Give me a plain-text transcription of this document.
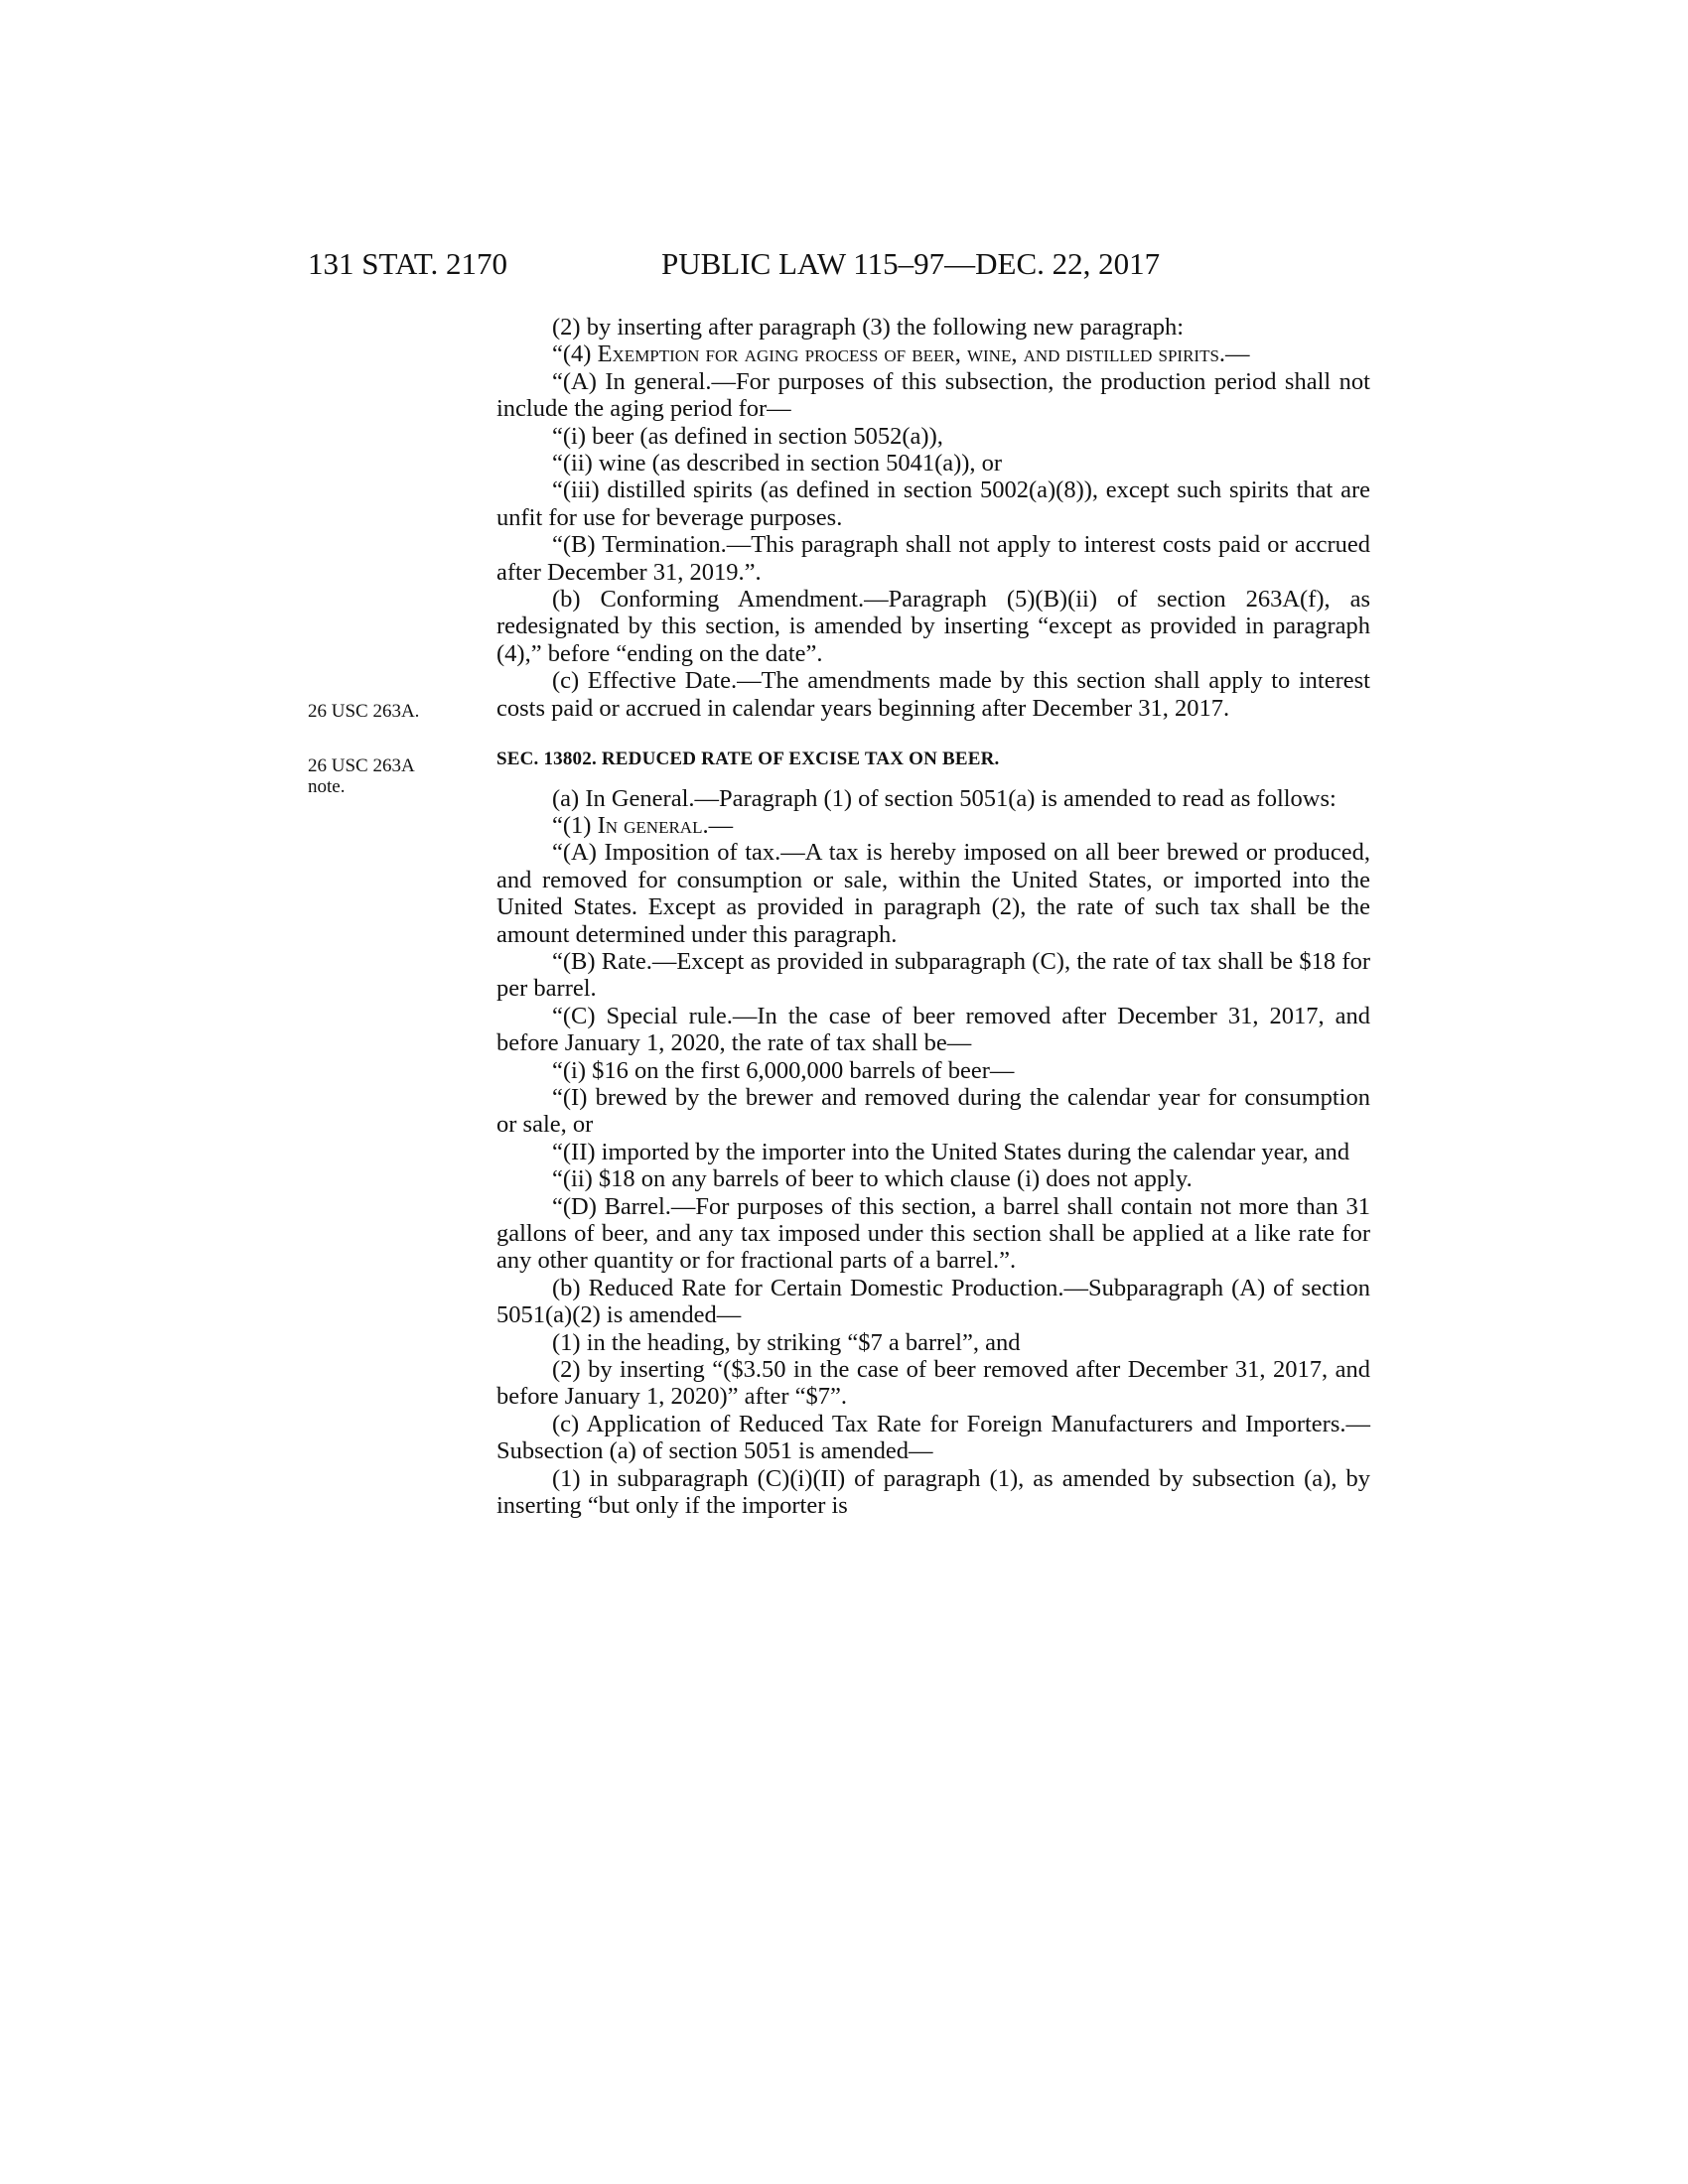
131 STAT. 2170	PUBLIC LAW 115–97—DEC. 22, 2017
26 USC 263A.
26 USC 263A note.

(2) by inserting after paragraph (3) the following new paragraph:

“(4) Exemption for aging process of beer, wine, and distilled spirits.—

“(A) In general.—For purposes of this subsection, the production period shall not include the aging period for—

“(i) beer (as defined in section 5052(a)),

“(ii) wine (as described in section 5041(a)), or

“(iii) distilled spirits (as defined in section 5002(a)(8)), except such spirits that are unfit for use for beverage purposes.

“(B) Termination.—This paragraph shall not apply to interest costs paid or accrued after December 31, 2019.”.

(b) Conforming Amendment.—Paragraph (5)(B)(ii) of section 263A(f), as redesignated by this section, is amended by inserting “except as provided in paragraph (4),” before “ending on the date”.

(c) Effective Date.—The amendments made by this section shall apply to interest costs paid or accrued in calendar years beginning after December 31, 2017.

SEC. 13802. REDUCED RATE OF EXCISE TAX ON BEER.

(a) In General.—Paragraph (1) of section 5051(a) is amended to read as follows:

“(1) In general.—

“(A) Imposition of tax.—A tax is hereby imposed on all beer brewed or produced, and removed for consumption or sale, within the United States, or imported into the United States. Except as provided in paragraph (2), the rate of such tax shall be the amount determined under this paragraph.

“(B) Rate.—Except as provided in subparagraph (C), the rate of tax shall be $18 for per barrel.

“(C) Special rule.—In the case of beer removed after December 31, 2017, and before January 1, 2020, the rate of tax shall be—

“(i) $16 on the first 6,000,000 barrels of beer—

“(I) brewed by the brewer and removed during the calendar year for consumption or sale, or

“(II) imported by the importer into the United States during the calendar year, and

“(ii) $18 on any barrels of beer to which clause (i) does not apply.

“(D) Barrel.—For purposes of this section, a barrel shall contain not more than 31 gallons of beer, and any tax imposed under this section shall be applied at a like rate for any other quantity or for fractional parts of a barrel.”.

(b) Reduced Rate for Certain Domestic Production.—Subparagraph (A) of section 5051(a)(2) is amended—

(1) in the heading, by striking “$7 a barrel”, and

(2) by inserting “($3.50 in the case of beer removed after December 31, 2017, and before January 1, 2020)” after “$7”.

(c) Application of Reduced Tax Rate for Foreign Manufacturers and Importers.—Subsection (a) of section 5051 is amended—

(1) in subparagraph (C)(i)(II) of paragraph (1), as amended by subsection (a), by inserting “but only if the importer is
